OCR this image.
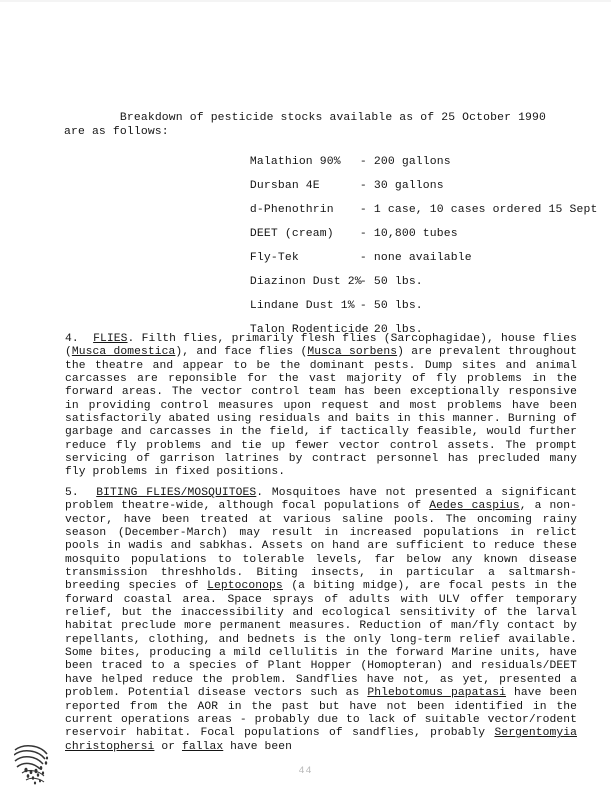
Breakdown of pesticide stocks available as of 25 October 1990
are as follows:

Malathion 90% - 200 gallons

Dursban 4E	- 30 gallons

d-Phenothrin - 1 case, 10 cases ordered 15 Sept

DEET (cream) - 10,800 tubes

Fly-Tek	- none available

Diazinon Dust 2%- 50 lbs.

Lindane Dust 1% - 50 lbs.

Talon Rodenticide- 20 lbs.

4.  FLIES. Filth flies, primarily flesh flies (Sarcophagidae), house flies (Musca domestica), and face flies (Musca sorbens) are prevalent throughout the theatre and appear to be the dominant pests. Dump sites and animal carcasses are reponsible for the vast majority of fly problems in the forward areas. The vector control team has been exceptionally responsive in providing control measures upon request and most problems have been satisfactorily abated using residuals and baits in this manner. Burning of garbage and carcasses in the field, if tactically feasible, would further reduce fly problems and tie up fewer vector control assets. The prompt servicing of garrison latrines by contract personnel has precluded many fly problems in fixed positions.
5.  BITING FLIES/MOSQUITOES. Mosquitoes have not presented a significant problem theatre-wide, although focal populations of Aedes caspius, a non-vector, have been treated at various saline pools. The oncoming rainy season (December-March) may result in increased populations in relict pools in wadis and sabkhas. Assets on hand are sufficient to reduce these mosquito populations to tolerable levels, far below any known disease transmission threshholds. Biting insects, in particular a saltmarsh-breeding species of Leptoconops (a biting midge), are focal pests in the forward coastal area. Space sprays of adults with ULV offer temporary relief, but the inaccessibility and ecological sensitivity of the larval habitat preclude more permanent measures. Reduction of man/fly contact by repellants, clothing, and bednets is the only long-term relief available. Some bites, producing a mild cellulitis in the forward Marine units, have been traced to a species of Plant Hopper (Homopteran) and residuals/DEET have helped reduce the problem. Sandflies have not, as yet, presented a problem. Potential disease vectors such as Phlebotomus papatasi have been reported from the AOR in the past but have not been identified in the current operations areas - probably due to lack of suitable vector/rodent reservoir habitat. Focal populations of sandflies, probably Sergentomyia christophersi or fallax have been
44
